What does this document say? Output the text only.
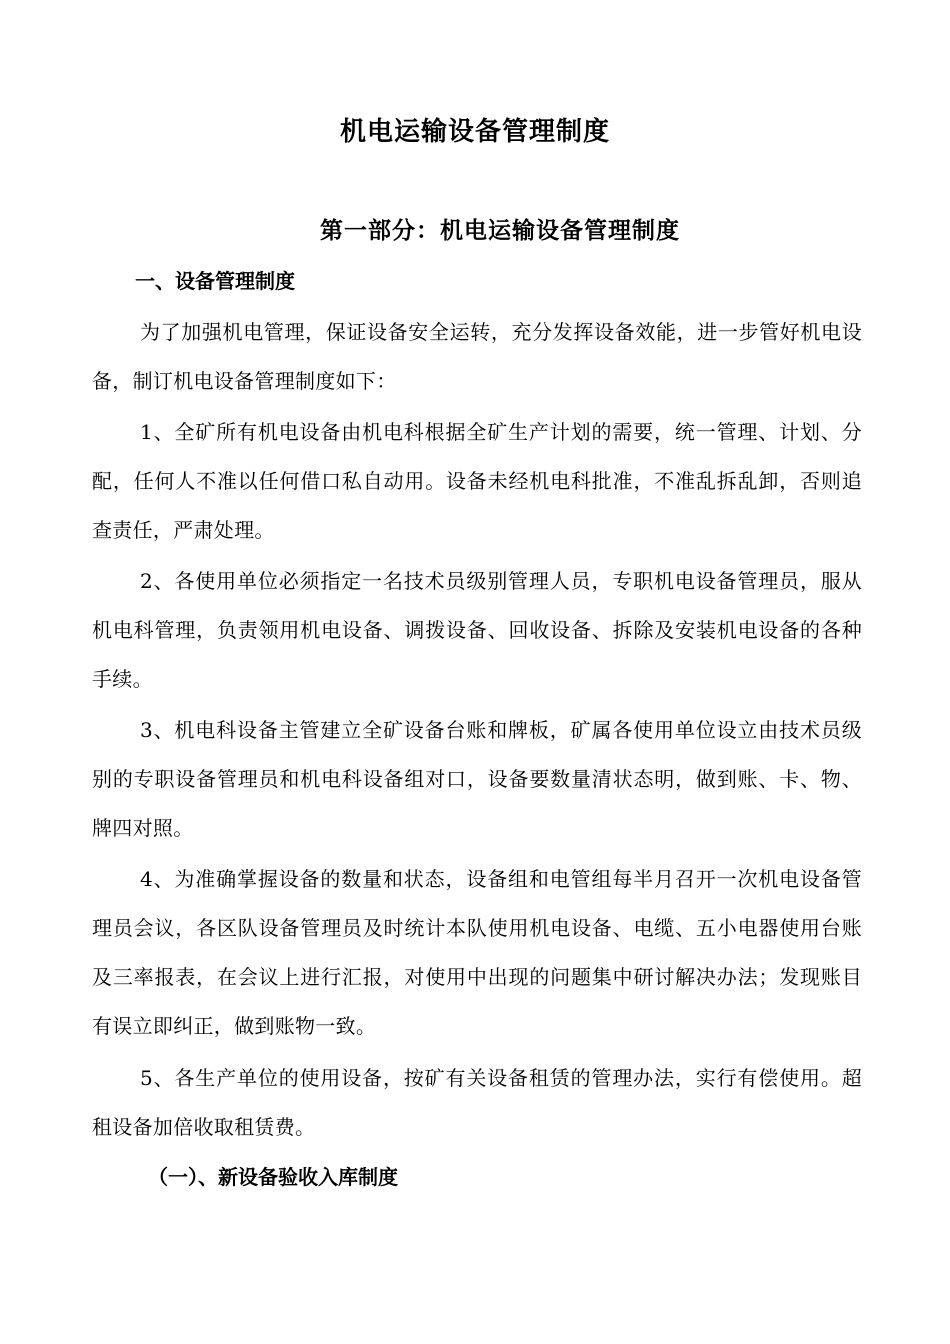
机电运输设备管理制度
第一部分：机电运输设备管理制度
一、设备管理制度
为了加强机电管理，保证设备安全运转，充分发挥设备效能，进一步管好机电设备，制订机电设备管理制度如下：
1、全矿所有机电设备由机电科根据全矿生产计划的需要，统一管理、计划、分配，任何人不准以任何借口私自动用。设备未经机电科批准，不准乱拆乱卸，否则追查责任，严肃处理。
2、各使用单位必须指定一名技术员级别管理人员，专职机电设备管理员，服从机电科管理，负责领用机电设备、调拨设备、回收设备、拆除及安装机电设备的各种手续。
3、机电科设备主管建立全矿设备台账和牌板，矿属各使用单位设立由技术员级别的专职设备管理员和机电科设备组对口，设备要数量清状态明，做到账、卡、物、牌四对照。
4、为准确掌握设备的数量和状态，设备组和电管组每半月召开一次机电设备管理员会议，各区队设备管理员及时统计本队使用机电设备、电缆、五小电器使用台账及三率报表，在会议上进行汇报，对使用中出现的问题集中研讨解决办法；发现账目有误立即纠正，做到账物一致。
5、各生产单位的使用设备，按矿有关设备租赁的管理办法，实行有偿使用。超租设备加倍收取租赁费。
（一）、新设备验收入库制度
